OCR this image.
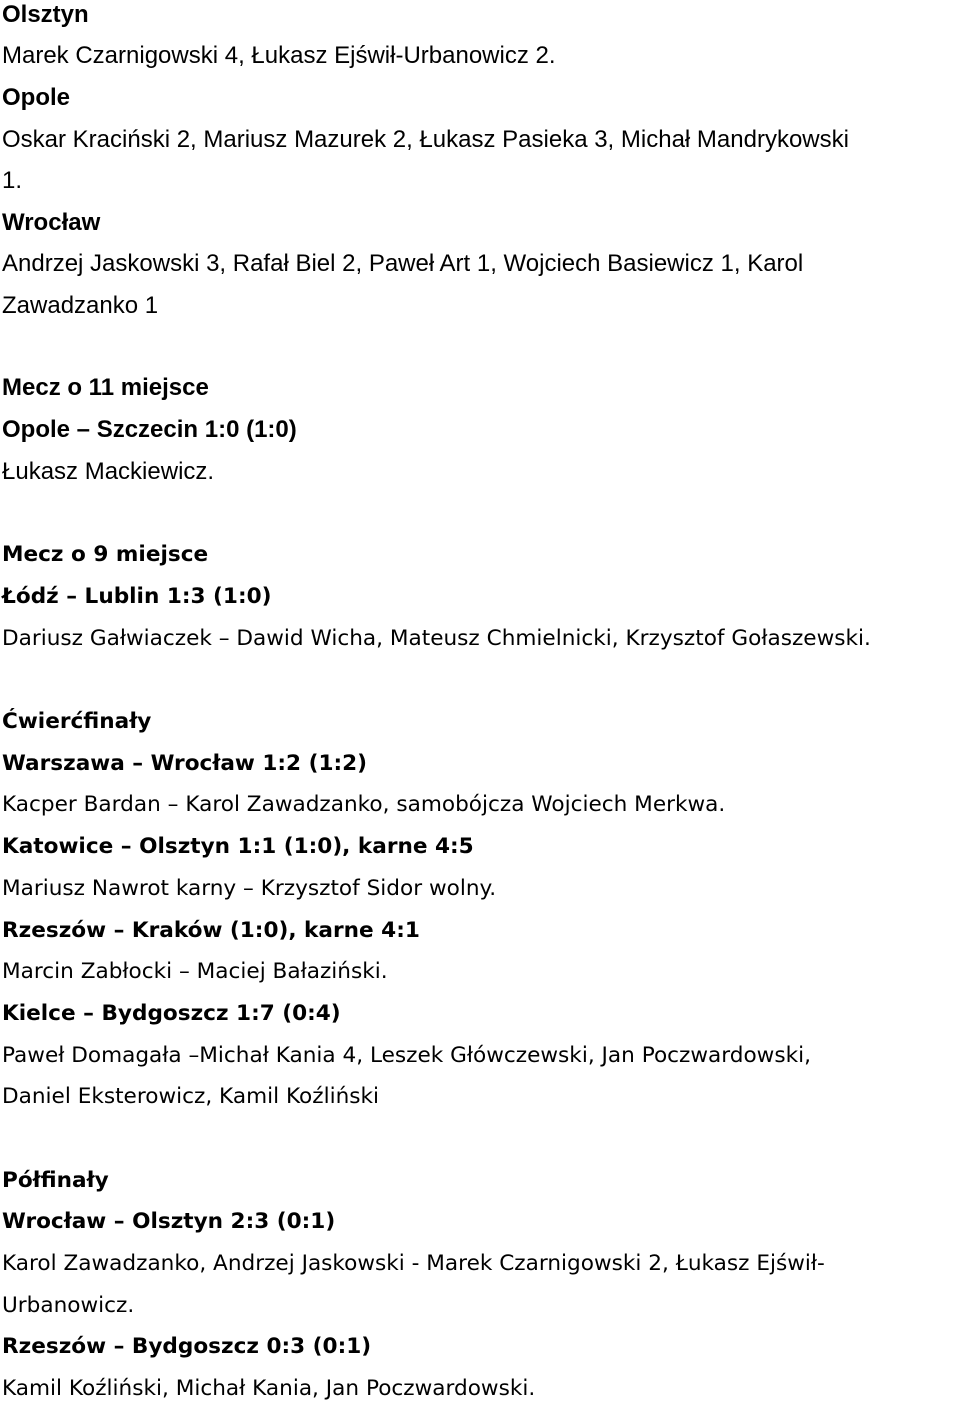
Olsztyn
Marek Czarnigowski 4, Łukasz Ejświł-Urbanowicz 2.
Opole
Oskar Kraciński 2, Mariusz Mazurek 2, Łukasz Pasieka 3, Michał Mandrykowski
1.
Wrocław
Andrzej Jaskowski 3, Rafał Biel 2, Paweł Art 1, Wojciech Basiewicz 1, Karol
Zawadzanko 1
Mecz o 11 miejsce
Opole – Szczecin 1:0 (1:0)
Łukasz Mackiewicz.
Mecz o 9 miejsce
Łódź – Lublin 1:3 (1:0)
Dariusz Gałwiaczek – Dawid Wicha, Mateusz Chmielnicki, Krzysztof Gołaszewski.
Ćwierćfinały
Warszawa – Wrocław 1:2 (1:2)
Kacper Bardan – Karol Zawadzanko, samobójcza Wojciech Merkwa.
Katowice – Olsztyn 1:1 (1:0), karne 4:5
Mariusz Nawrot karny – Krzysztof Sidor wolny.
Rzeszów – Kraków (1:0), karne 4:1
Marcin Zabłocki – Maciej Bałaziński.
Kielce – Bydgoszcz 1:7 (0:4)
Paweł Domagała –Michał Kania 4, Leszek Główczewski, Jan Poczwardowski,
Daniel Eksterowicz, Kamil Koźliński
Półfinały
Wrocław – Olsztyn 2:3 (0:1)
Karol Zawadzanko, Andrzej Jaskowski - Marek Czarnigowski 2, Łukasz Ejświł-
Urbanowicz.
Rzeszów – Bydgoszcz 0:3 (0:1)
Kamil Koźliński, Michał Kania, Jan Poczwardowski.
